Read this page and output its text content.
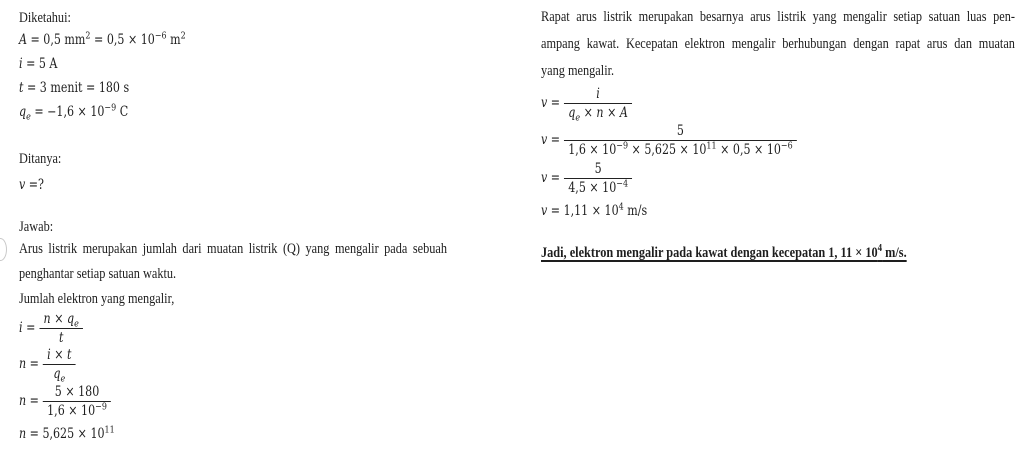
Diketahui:
A = 0,5 $mm^2 = 0,5 \times 10^{-6}$ $m^2$
i = 5 A
t = 3 menit = 180 s
$q_e = -1,6 \times 10^{-9}$ C
Ditanya:
v =?
Jawab:
Arus listrik merupakan jumlah dari muatan listrik (Q) yang mengalir pada sebuah
penghantar setiap satuan waktu.
Jumlah elektron yang mengalir,
$i = \frac{n \times q_e}{t}$
$n = \frac{i \times t}{q_e}$
$n = \frac{5 \times 180}{1,6 \times 10^{-9}}$
$n = 5,625 \times 10^{11}$
Rapat arus listrik merupakan besarnya arus listrik yang mengalir setiap satuan luas pen-
ampang kawat. Kecepatan elektron mengalir berhubungan dengan rapat arus dan muatan
yang mengalir.
$v = \frac{i}{q_e \times n \times A}$
$v = \frac{5}{1,6 \times 10^{-9} \times 5,625 \times 10^{11} \times 0,5 \times 10^{-6}}$
$v = \frac{5}{4,5 \times 10^{-4}}$
$v = 1,11 \times 10^4$ m/s
Jadi, elektron mengalir pada kawat dengan kecepatan 1, $11 \times 10^4$ m/s.
